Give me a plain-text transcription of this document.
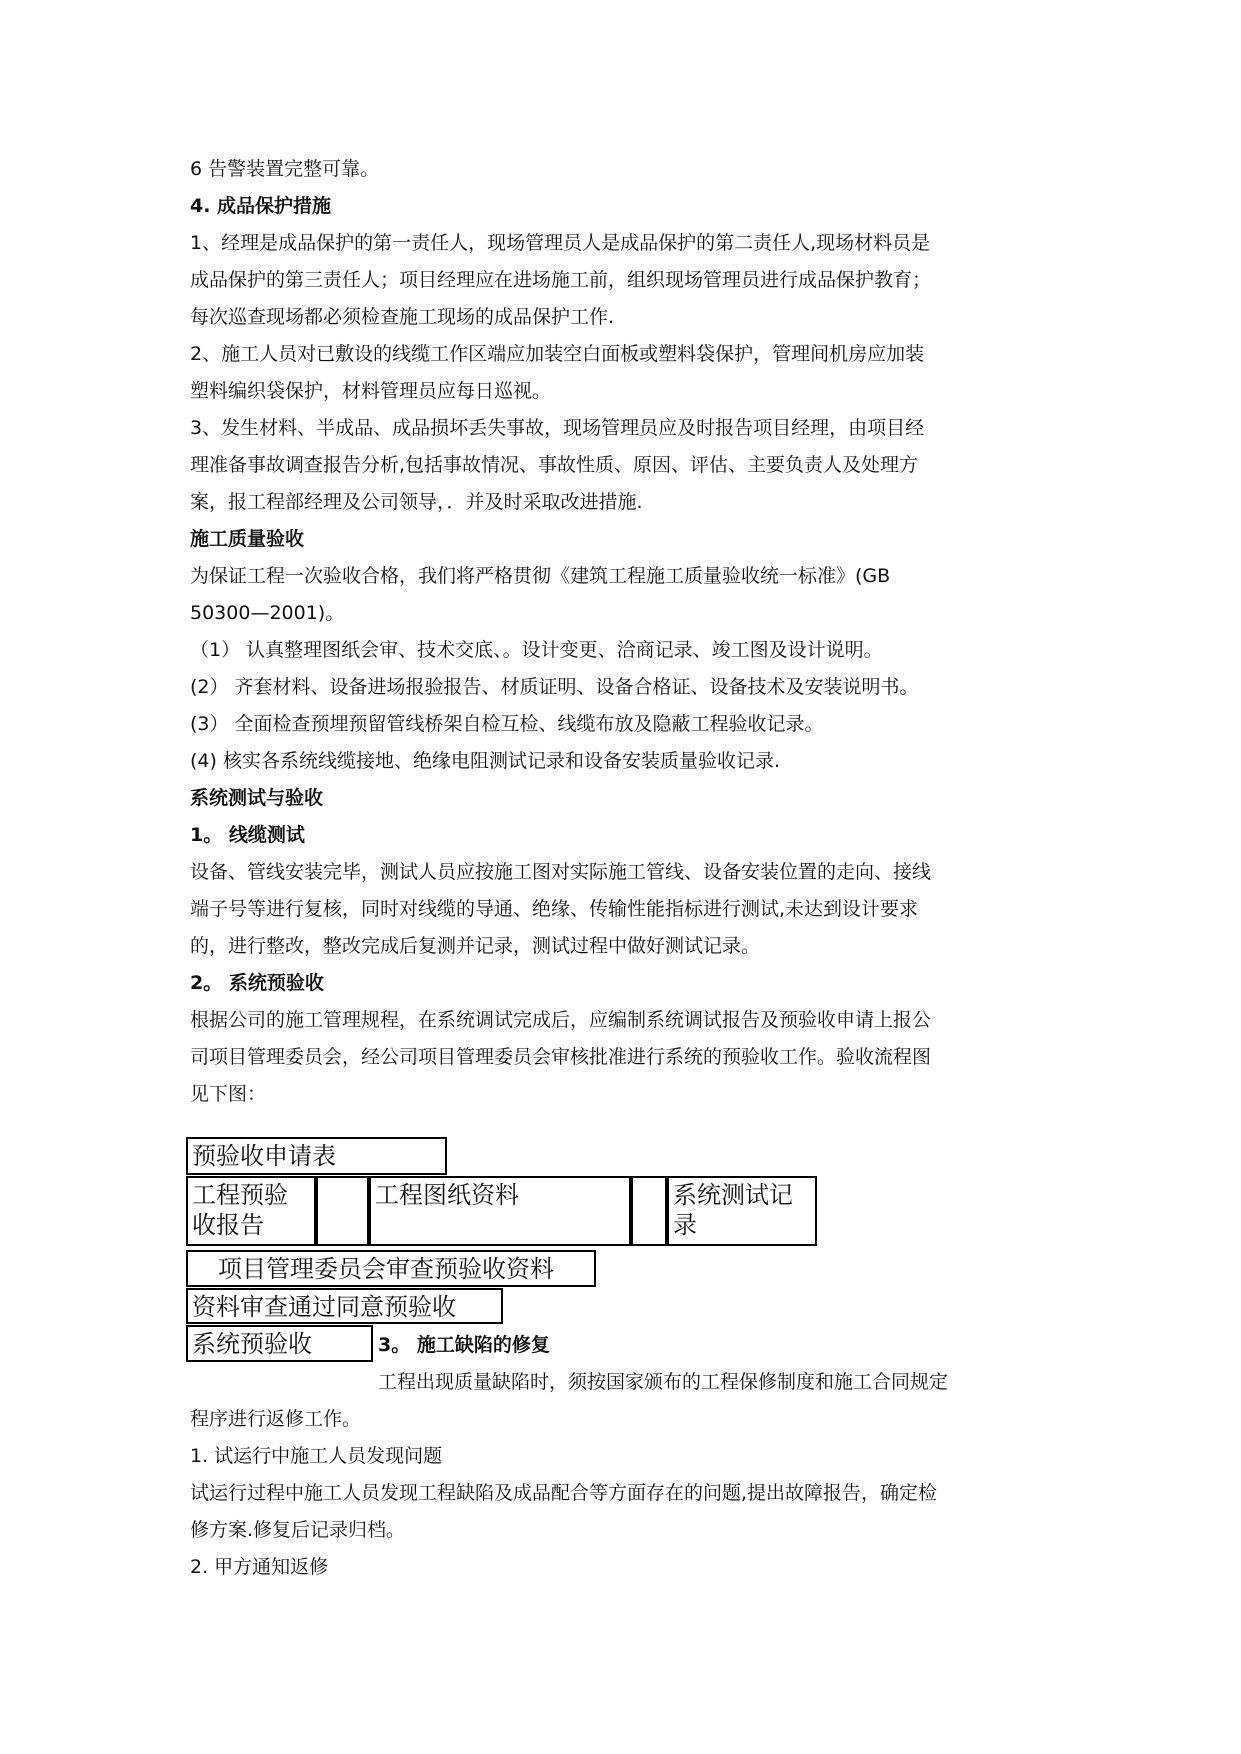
6 告警装置完整可靠。
4. 成品保护措施
1、经理是成品保护的第一责任人，现场管理员人是成品保护的第二责任人,现场材料员是
成品保护的第三责任人；项目经理应在进场施工前，组织现场管理员进行成品保护教育；
每次巡查现场都必须检查施工现场的成品保护工作.
2、施工人员对已敷设的线缆工作区端应加装空白面板或塑料袋保护，管理间机房应加装
塑料编织袋保护，材料管理员应每日巡视。
3、发生材料、半成品、成品损坏丢失事故，现场管理员应及时报告项目经理，由项目经
理准备事故调查报告分析,包括事故情况、事故性质、原因、评估、主要负责人及处理方
案，报工程部经理及公司领导，．并及时采取改进措施.
施工质量验收
为保证工程一次验收合格，我们将严格贯彻《建筑工程施工质量验收统一标准》(GB
50300—2001)。
（1） 认真整理图纸会审、技术交底、。设计变更、洽商记录、竣工图及设计说明。
(2） 齐套材料、设备进场报验报告、材质证明、设备合格证、设备技术及安装说明书。
(3） 全面检查预埋预留管线桥架自检互检、线缆布放及隐蔽工程验收记录。
(4) 核实各系统线缆接地、绝缘电阻测试记录和设备安装质量验收记录.
系统测试与验收
1。 线缆测试
设备、管线安装完毕，测试人员应按施工图对实际施工管线、设备安装位置的走向、接线
端子号等进行复核，同时对线缆的导通、绝缘、传输性能指标进行测试,未达到设计要求
的，进行整改，整改完成后复测并记录，测试过程中做好测试记录。
2。 系统预验收
根据公司的施工管理规程，在系统调试完成后，应编制系统调试报告及预验收申请上报公
司项目管理委员会，经公司项目管理委员会审核批准进行系统的预验收工作。验收流程图
见下图：
预验收申请表
工程预验收报告
工程图纸资料	系统测试记录
项目管理委员会审查预验收资料
资料审查通过同意预验收
系统预验收	3。 施工缺陷的修复
工程出现质量缺陷时，须按国家颁布的工程保修制度和施工合同规定
程序进行返修工作。
1. 试运行中施工人员发现问题
试运行过程中施工人员发现工程缺陷及成品配合等方面存在的问题,提出故障报告，确定检
修方案.修复后记录归档。
2. 甲方通知返修
